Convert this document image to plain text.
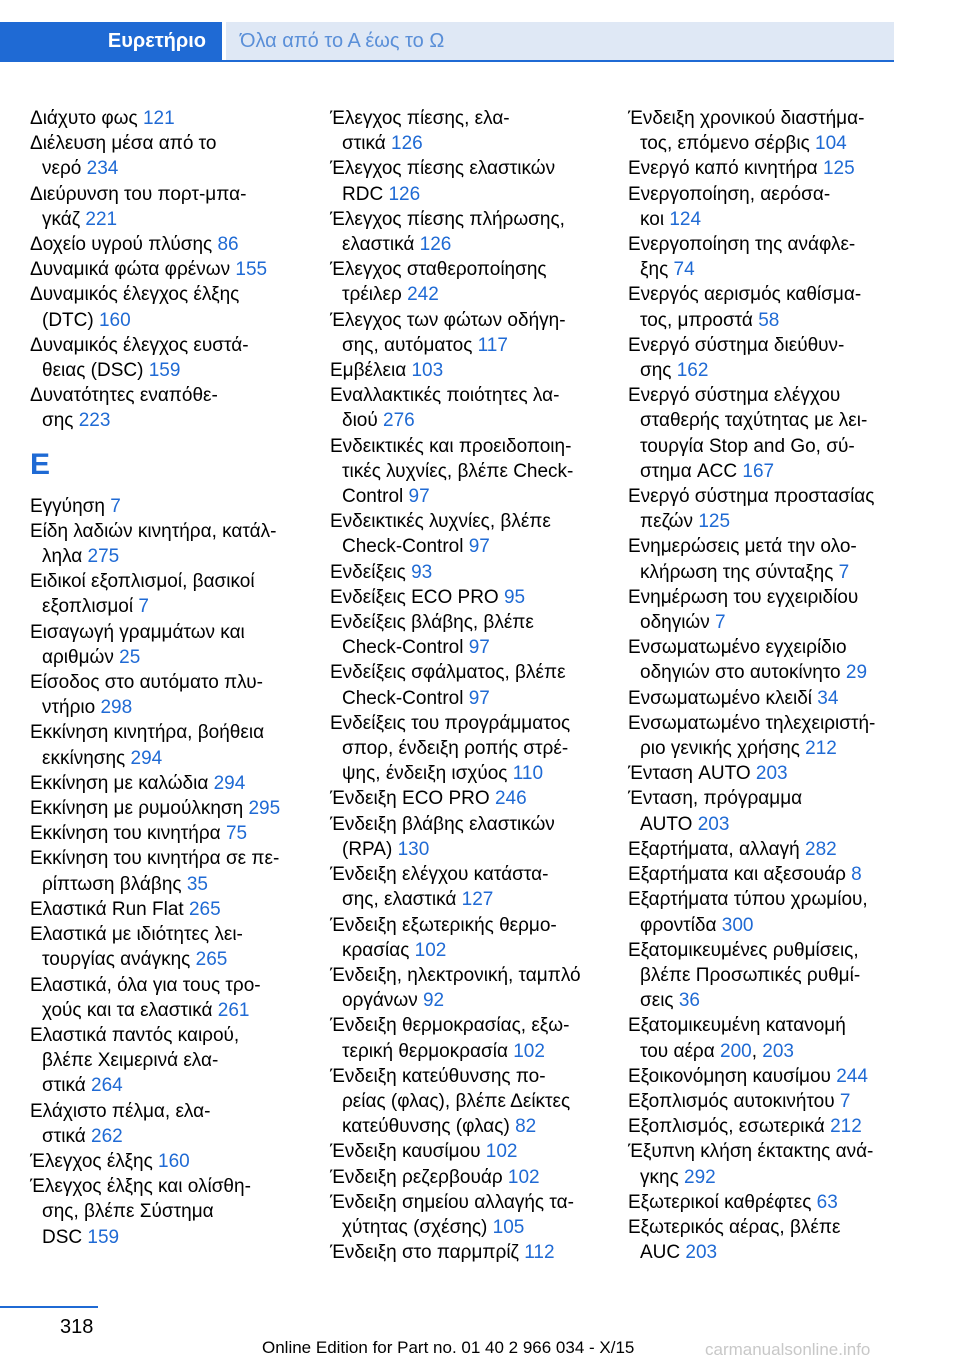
Ευρετήριο	Όλα από το Α έως το Ω
Διάχυτο φως 121
Διέλευση μέσα από το
νερό 234
Διεύρυνση του πορτ-μπα-
γκάζ 221
Δοχείο υγρού πλύσης 86
Δυναμικά φώτα φρένων 155
Δυναμικός έλεγχος έλξης
(DTC) 160
Δυναμικός έλεγχος ευστά-
θειας (DSC) 159
Δυνατότητες εναπόθε-
σης 223
E
Εγγύηση 7
Είδη λαδιών κινητήρα, κατάλ-
ληλα 275
Ειδικοί εξοπλισμοί, βασικοί
εξοπλισμοί 7
Εισαγωγή γραμμάτων και
αριθμών 25
Είσοδος στο αυτόματο πλυ-
ντήριο 298
Εκκίνηση κινητήρα, βοήθεια
εκκίνησης 294
Εκκίνηση με καλώδια 294
Εκκίνηση με ρυμούλκηση 295
Εκκίνηση του κινητήρα 75
Εκκίνηση του κινητήρα σε πε-
ρίπτωση βλάβης 35
Ελαστικά Run Flat 265
Ελαστικά με ιδιότητες λει-
τουργίας ανάγκης 265
Ελαστικά, όλα για τους τρο-
χούς και τα ελαστικά 261
Ελαστικά παντός καιρού,
βλέπε Χειμερινά ελα-
στικά 264
Ελάχιστο πέλμα, ελα-
στικά 262
Έλεγχος έλξης 160
Έλεγχος έλξης και ολίσθη-
σης, βλέπε Σύστημα
DSC 159
Έλεγχος πίεσης, ελα-
στικά 126
Έλεγχος πίεσης ελαστικών
RDC 126
Έλεγχος πίεσης πλήρωσης,
ελαστικά 126
Έλεγχος σταθεροποίησης
τρέιλερ 242
Έλεγχος των φώτων οδήγη-
σης, αυτόματος 117
Εμβέλεια 103
Εναλλακτικές ποιότητες λα-
διού 276
Ενδεικτικές και προειδοποιη-
τικές λυχνίες, βλέπε Check-
Control 97
Ενδεικτικές λυχνίες, βλέπε
Check-Control 97
Ενδείξεις 93
Ενδείξεις ECO PRO 95
Ενδείξεις βλάβης, βλέπε
Check-Control 97
Ενδείξεις σφάλματος, βλέπε
Check-Control 97
Ενδείξεις του προγράμματος
σπορ, ένδειξη ροπής στρέ-
ψης, ένδειξη ισχύος 110
Ένδειξη ECO PRO 246
Ένδειξη βλάβης ελαστικών
(RPA) 130
Ένδειξη ελέγχου κατάστα-
σης, ελαστικά 127
Ένδειξη εξωτερικής θερμο-
κρασίας 102
Ένδειξη, ηλεκτρονική, ταμπλό
οργάνων 92
Ένδειξη θερμοκρασίας, εξω-
τερική θερμοκρασία 102
Ένδειξη κατεύθυνσης πο-
ρείας (φλας), βλέπε Δείκτες
κατεύθυνσης (φλας) 82
Ένδειξη καυσίμου 102
Ένδειξη ρεζερβουάρ 102
Ένδειξη σημείου αλλαγής τα-
χύτητας (σχέσης) 105
Ένδειξη στο παρμπρίζ 112
Ένδειξη χρονικού διαστήμα-
τος, επόμενο σέρβις 104
Ενεργό καπό κινητήρα 125
Ενεργοποίηση, αερόσα-
κοι 124
Ενεργοποίηση της ανάφλε-
ξης 74
Ενεργός αερισμός καθίσμα-
τος, μπροστά 58
Ενεργό σύστημα διεύθυν-
σης 162
Ενεργό σύστημα ελέγχου
σταθερής ταχύτητας με λει-
τουργία Stop and Go, σύ-
στημα ACC 167
Ενεργό σύστημα προστασίας
πεζών 125
Ενημερώσεις μετά την ολο-
κλήρωση της σύνταξης 7
Ενημέρωση του εγχειριδίου
οδηγιών 7
Ενσωματωμένο εγχειρίδιο
οδηγιών στο αυτοκίνητο 29
Ενσωματωμένο κλειδί 34
Ενσωματωμένο τηλεχειριστή-
ριο γενικής χρήσης 212
Ένταση AUTO 203
Ένταση, πρόγραμμα
AUTO 203
Εξαρτήματα, αλλαγή 282
Εξαρτήματα και αξεσουάρ 8
Εξαρτήματα τύπου χρωμίου,
φροντίδα 300
Εξατομικευμένες ρυθμίσεις,
βλέπε Προσωπικές ρυθμί-
σεις 36
Εξατομικευμένη κατανομή
του αέρα 200, 203
Εξοικονόμηση καυσίμου 244
Εξοπλισμός αυτοκινήτου 7
Εξοπλισμός, εσωτερικά 212
Έξυπνη κλήση έκτακτης ανά-
γκης 292
Εξωτερικοί καθρέφτες 63
Εξωτερικός αέρας, βλέπε
AUC 203
318
Online Edition for Part no. 01 40 2 966 034 - X/15	carmanualsonline.info
